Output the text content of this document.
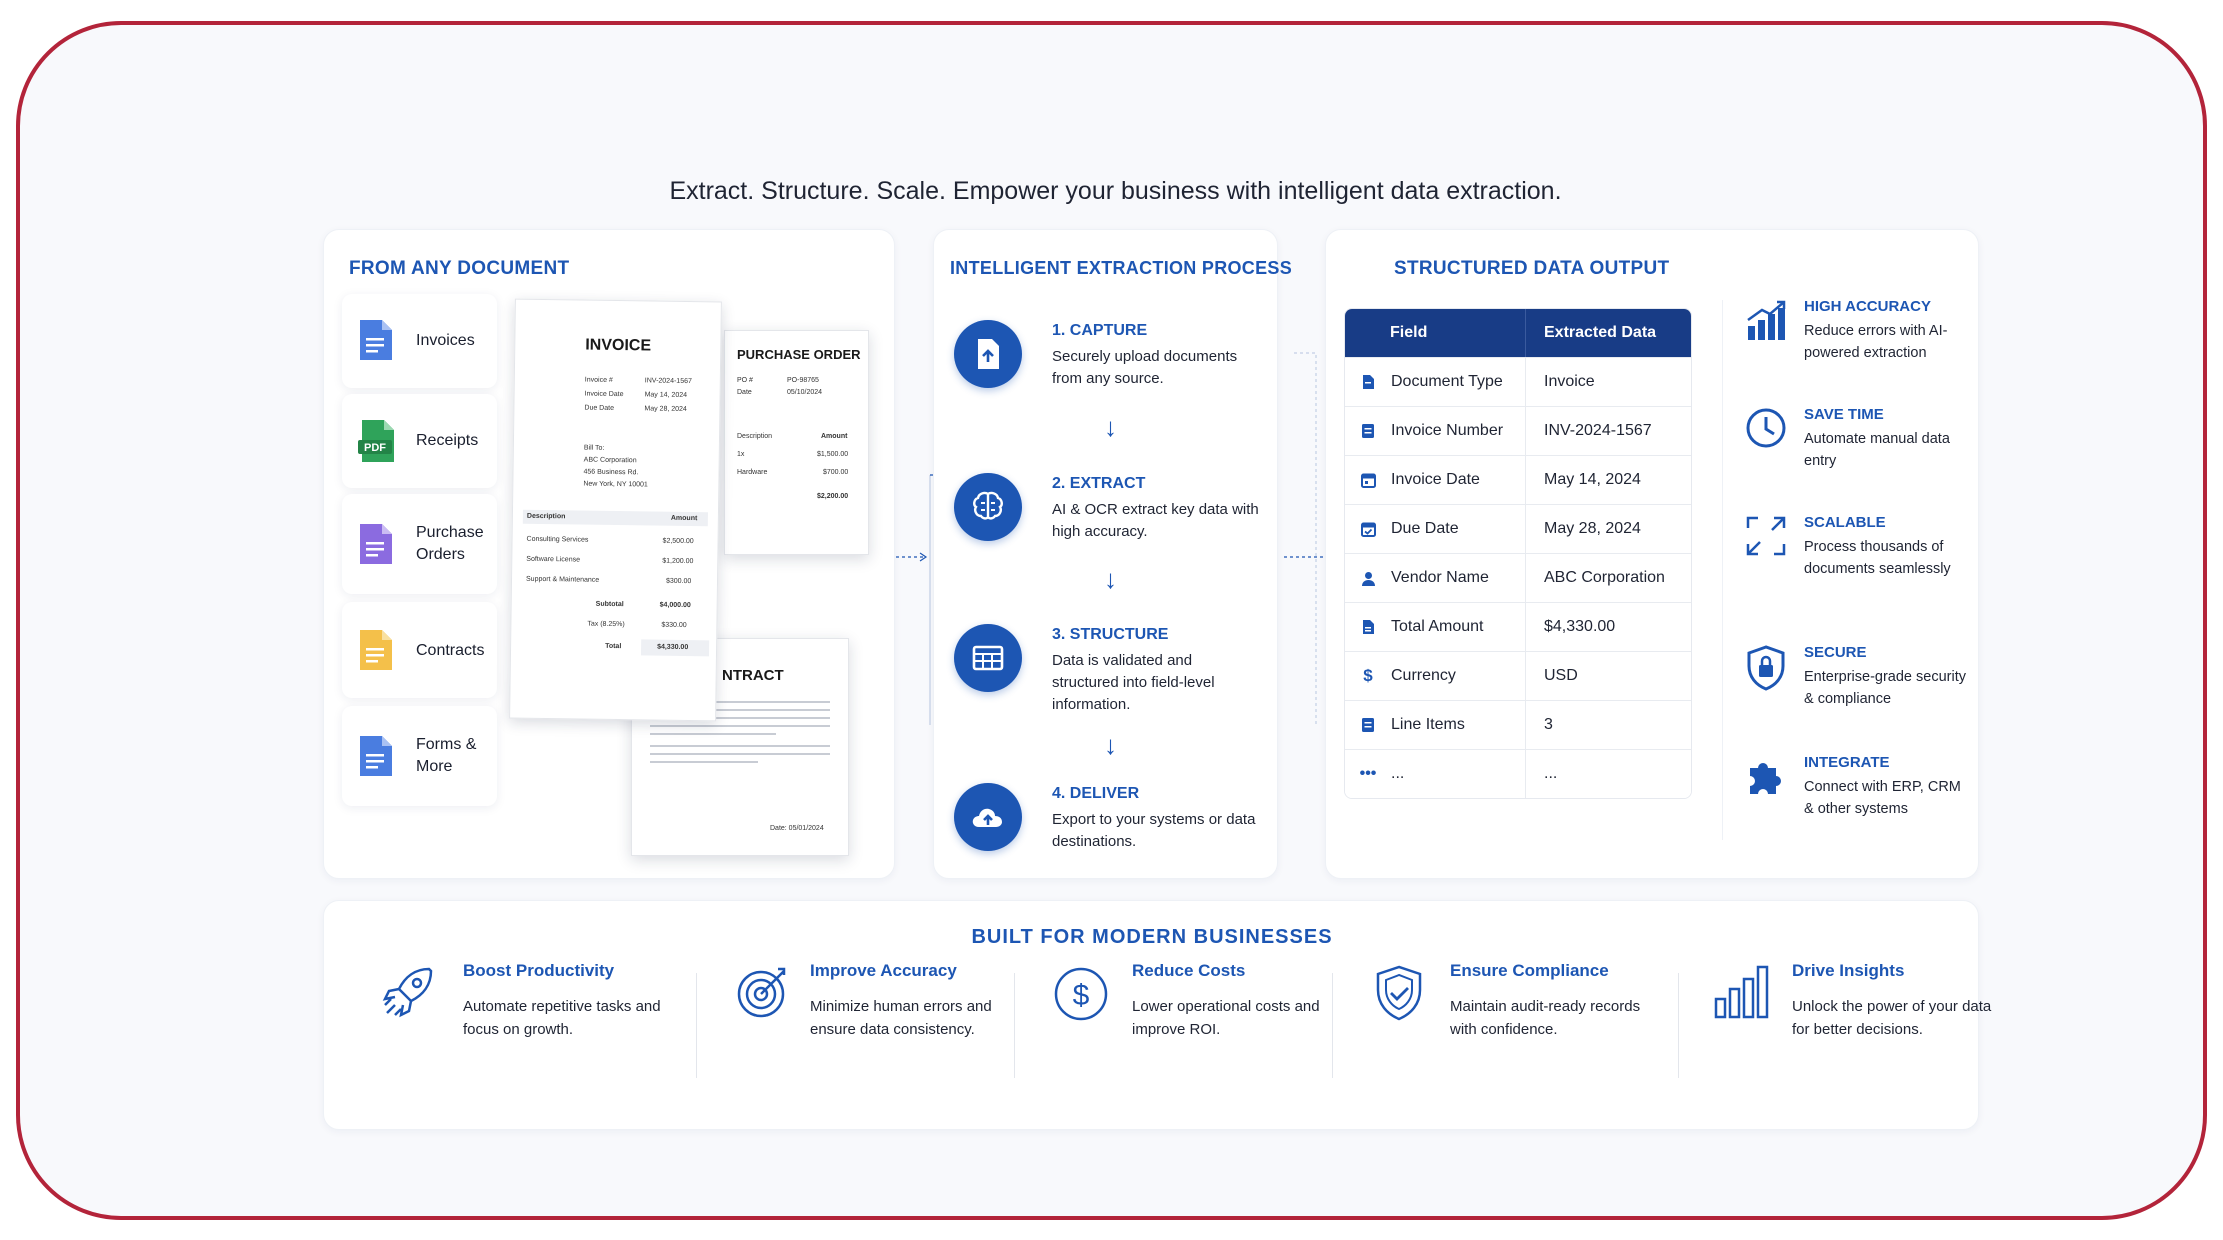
Extract. Structure. Scale. Empower your business with intelligent data extraction.
FROM ANY DOCUMENT
Invoices
PDF Receipts
Purchase Orders
Contracts
Forms & More
PURCHASE ORDER
PO #	PO-98765
Date	05/10/2024
Description	Amount
1x	$1,500.00
Hardware	$700.00
$2,200.00
NTRACT
Date: 05/01/2024
INVOICE
Invoice #	INV-2024-1567
Invoice Date	May 14, 2024
Due Date	May 28, 2024
Bill To:
ABC Corporation
456 Business Rd.
New York, NY 10001
Description	Amount
Consulting Services	$2,500.00
Software License	$1,200.00
Support & Maintenance	$300.00
Subtotal	$4,000.00
Tax (8.25%)	$330.00
Total	$4,330.00
INTELLIGENT EXTRACTION PROCESS
1. CAPTURE
Securely upload documents from any source.
↓
2. EXTRACT
AI & OCR extract key data with high accuracy.
↓
3. STRUCTURE
Data is validated and structured into field-level information.
↓
4. DELIVER
Export to your systems or data destinations.
STRUCTURED DATA OUTPUT
Field	Extracted Data
Document Type	Invoice
Invoice Number	INV-2024-1567
Invoice Date	May 14, 2024
Due Date	May 28, 2024
Vendor Name	ABC Corporation
Total Amount	$4,330.00
$ Currency	USD
Line Items	3
••• ...	...
HIGH ACCURACY
Reduce errors with AI-powered extraction
SAVE TIME
Automate manual data entry
SCALABLE
Process thousands of documents seamlessly
SECURE
Enterprise-grade security & compliance
INTEGRATE
Connect with ERP, CRM & other systems
BUILT FOR MODERN BUSINESSES
Boost Productivity
Automate repetitive tasks and focus on growth.
Improve Accuracy
Minimize human errors and ensure data consistency.
$
Reduce Costs
Lower operational costs and improve ROI.
Ensure Compliance
Maintain audit-ready records with confidence.
Drive Insights
Unlock the power of your data for better decisions.
